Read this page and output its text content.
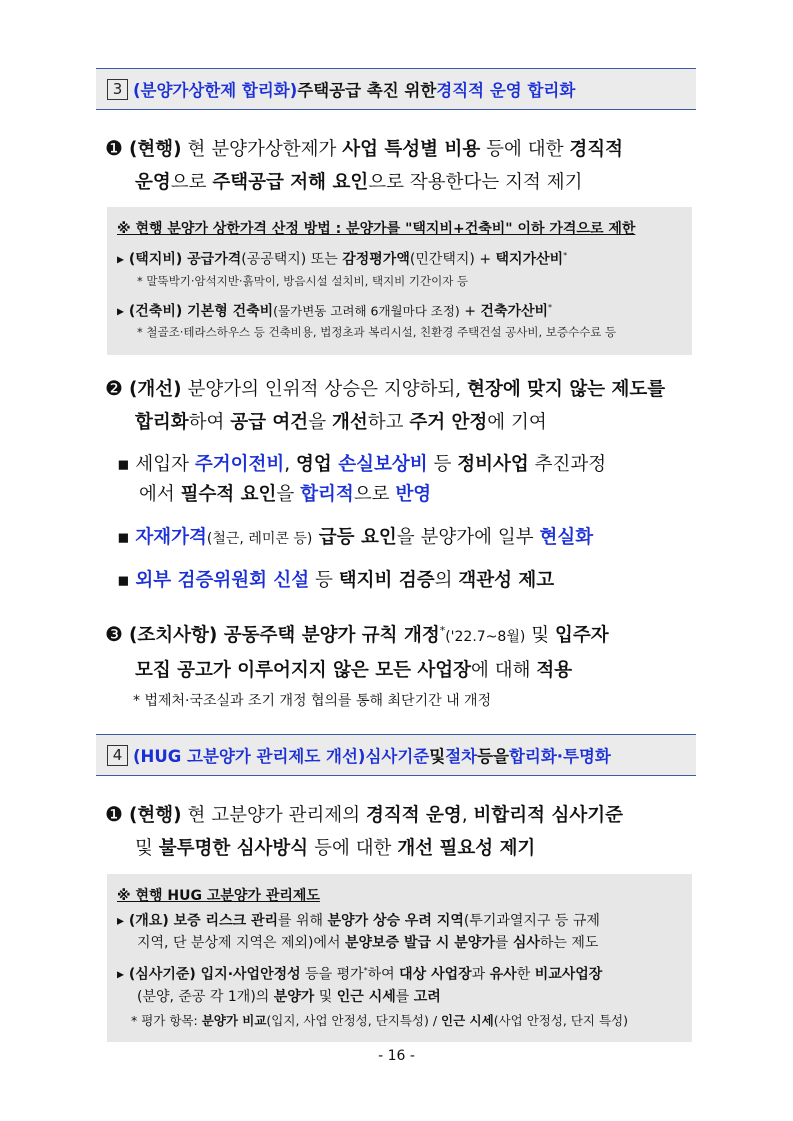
3 (분양가상한제 합리화) 주택공급 촉진 위한 경직적 운영 합리화
❶ (현행) 현 분양가상한제가 사업 특성별 비용 등에 대한 경직적
운영으로 주택공급 저해 요인으로 작용한다는 지적 제기
※ 현행 분양가 상한가격 산정 방법 : 분양가를 "택지비+건축비" 이하 가격으로 제한
▸ (택지비) 공급가격(공공택지) 또는 감정평가액(민간택지) + 택지가산비*
* 말뚝박기·암석지반·흙막이, 방음시설 설치비, 택지비 기간이자 등
▸ (건축비) 기본형 건축비(물가변동 고려해 6개월마다 조정) + 건축가산비*
* 철골조·테라스하우스 등 건축비용, 법정초과 복리시설, 친환경 주택건설 공사비, 보증수수료 등
❷ (개선) 분양가의 인위적 상승은 지양하되, 현장에 맞지 않는 제도를
합리화하여 공급 여건을 개선하고 주거 안정에 기여
▪ 세입자 주거이전비, 영업 손실보상비 등 정비사업 추진과정
에서 필수적 요인을 합리적으로 반영
▪ 자재가격(철근, 레미콘 등) 급등 요인을 분양가에 일부 현실화
▪ 외부 검증위원회 신설 등 택지비 검증의 객관성 제고
❸ (조치사항) 공동주택 분양가 규칙 개정*('22.7~8월) 및 입주자
모집 공고가 이루어지지 않은 모든 사업장에 대해 적용
* 법제처·국조실과 조기 개정 협의를 통해 최단기간 내 개정
4 (HUG 고분양가 관리제도 개선) 심사기준 및 절차 등을 합리화·투명화
❶ (현행) 현 고분양가 관리제의 경직적 운영, 비합리적 심사기준
및 불투명한 심사방식 등에 대한 개선 필요성 제기
※ 현행 HUG 고분양가 관리제도
▸ (개요) 보증 리스크 관리를 위해 분양가 상승 우려 지역(투기과열지구 등 규제
지역, 단 분상제 지역은 제외)에서 분양보증 발급 시 분양가를 심사하는 제도
▸ (심사기준) 입지·사업안정성 등을 평가*하여 대상 사업장과 유사한 비교사업장
(분양, 준공 각 1개)의 분양가 및 인근 시세를 고려
* 평가 항목: 분양가 비교(입지, 사업 안정성, 단지특성) / 인근 시세(사업 안정성, 단지 특성)
- 16 -
